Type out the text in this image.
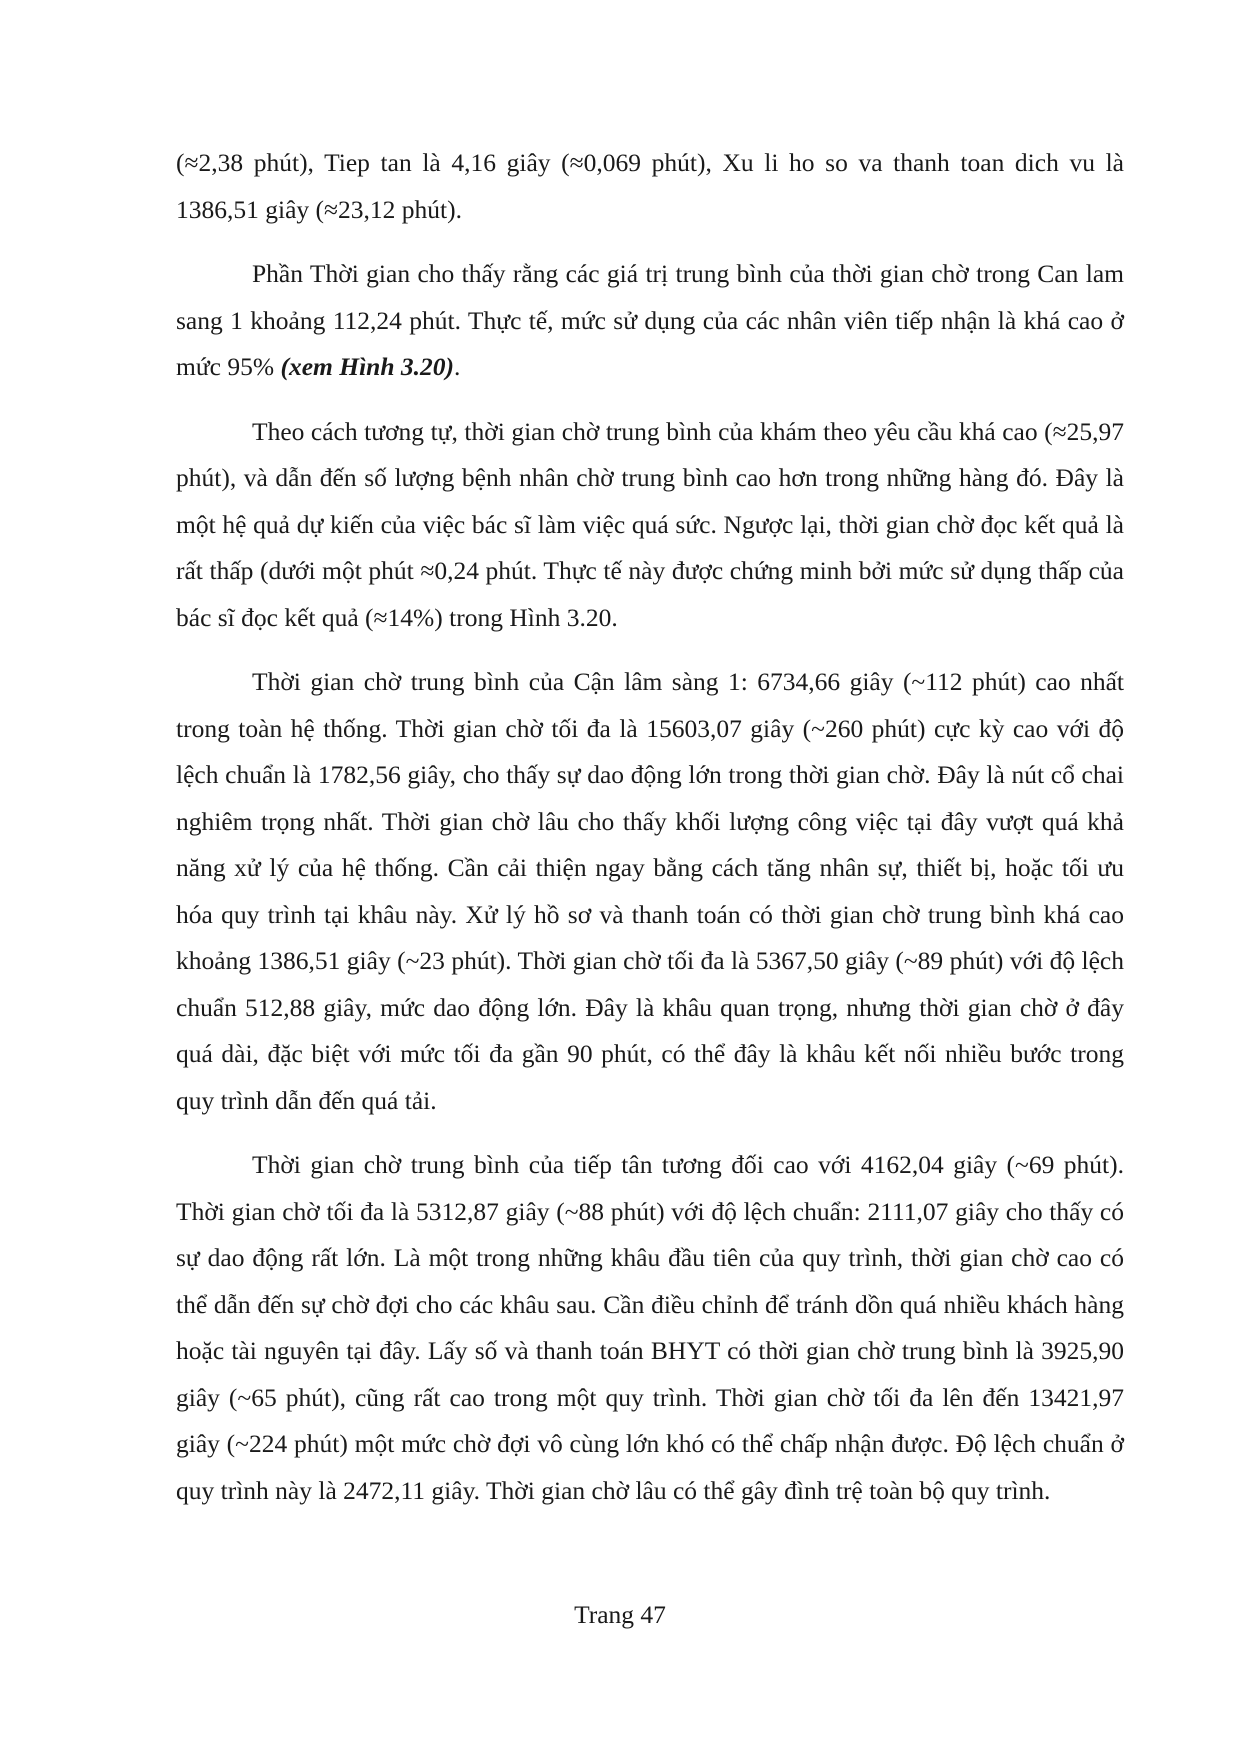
(≈2,38 phút), Tiep tan là 4,16 giây (≈0,069 phút), Xu li ho so va thanh toan dich vu là 1386,51 giây (≈23,12 phút).

Phần Thời gian cho thấy rằng các giá trị trung bình của thời gian chờ trong Can lam sang 1 khoảng 112,24 phút. Thực tế, mức sử dụng của các nhân viên tiếp nhận là khá cao ở mức 95% (xem Hình 3.20).

Theo cách tương tự, thời gian chờ trung bình của khám theo yêu cầu khá cao (≈25,97 phút), và dẫn đến số lượng bệnh nhân chờ trung bình cao hơn trong những hàng đó. Đây là một hệ quả dự kiến của việc bác sĩ làm việc quá sức. Ngược lại, thời gian chờ đọc kết quả là rất thấp (dưới một phút ≈0,24 phút. Thực tế này được chứng minh bởi mức sử dụng thấp của bác sĩ đọc kết quả (≈14%) trong Hình 3.20.

Thời gian chờ trung bình của Cận lâm sàng 1: 6734,66 giây (~112 phút) cao nhất trong toàn hệ thống. Thời gian chờ tối đa là 15603,07 giây (~260 phút) cực kỳ cao với độ lệch chuẩn là 1782,56 giây, cho thấy sự dao động lớn trong thời gian chờ. Đây là nút cổ chai nghiêm trọng nhất. Thời gian chờ lâu cho thấy khối lượng công việc tại đây vượt quá khả năng xử lý của hệ thống. Cần cải thiện ngay bằng cách tăng nhân sự, thiết bị, hoặc tối ưu hóa quy trình tại khâu này. Xử lý hồ sơ và thanh toán có thời gian chờ trung bình khá cao khoảng 1386,51 giây (~23 phút). Thời gian chờ tối đa là 5367,50 giây (~89 phút) với độ lệch chuẩn 512,88 giây, mức dao động lớn. Đây là khâu quan trọng, nhưng thời gian chờ ở đây quá dài, đặc biệt với mức tối đa gần 90 phút, có thể đây là khâu kết nối nhiều bước trong quy trình dẫn đến quá tải.

Thời gian chờ trung bình của tiếp tân tương đối cao với 4162,04 giây (~69 phút). Thời gian chờ tối đa là 5312,87 giây (~88 phút) với độ lệch chuẩn: 2111,07 giây cho thấy có sự dao động rất lớn. Là một trong những khâu đầu tiên của quy trình, thời gian chờ cao có thể dẫn đến sự chờ đợi cho các khâu sau. Cần điều chỉnh để tránh dồn quá nhiều khách hàng hoặc tài nguyên tại đây. Lấy số và thanh toán BHYT có thời gian chờ trung bình là 3925,90 giây (~65 phút), cũng rất cao trong một quy trình. Thời gian chờ tối đa lên đến 13421,97 giây (~224 phút) một mức chờ đợi vô cùng lớn khó có thể chấp nhận được. Độ lệch chuẩn ở quy trình này là 2472,11 giây. Thời gian chờ lâu có thể gây đình trệ toàn bộ quy trình.

Trang 47
